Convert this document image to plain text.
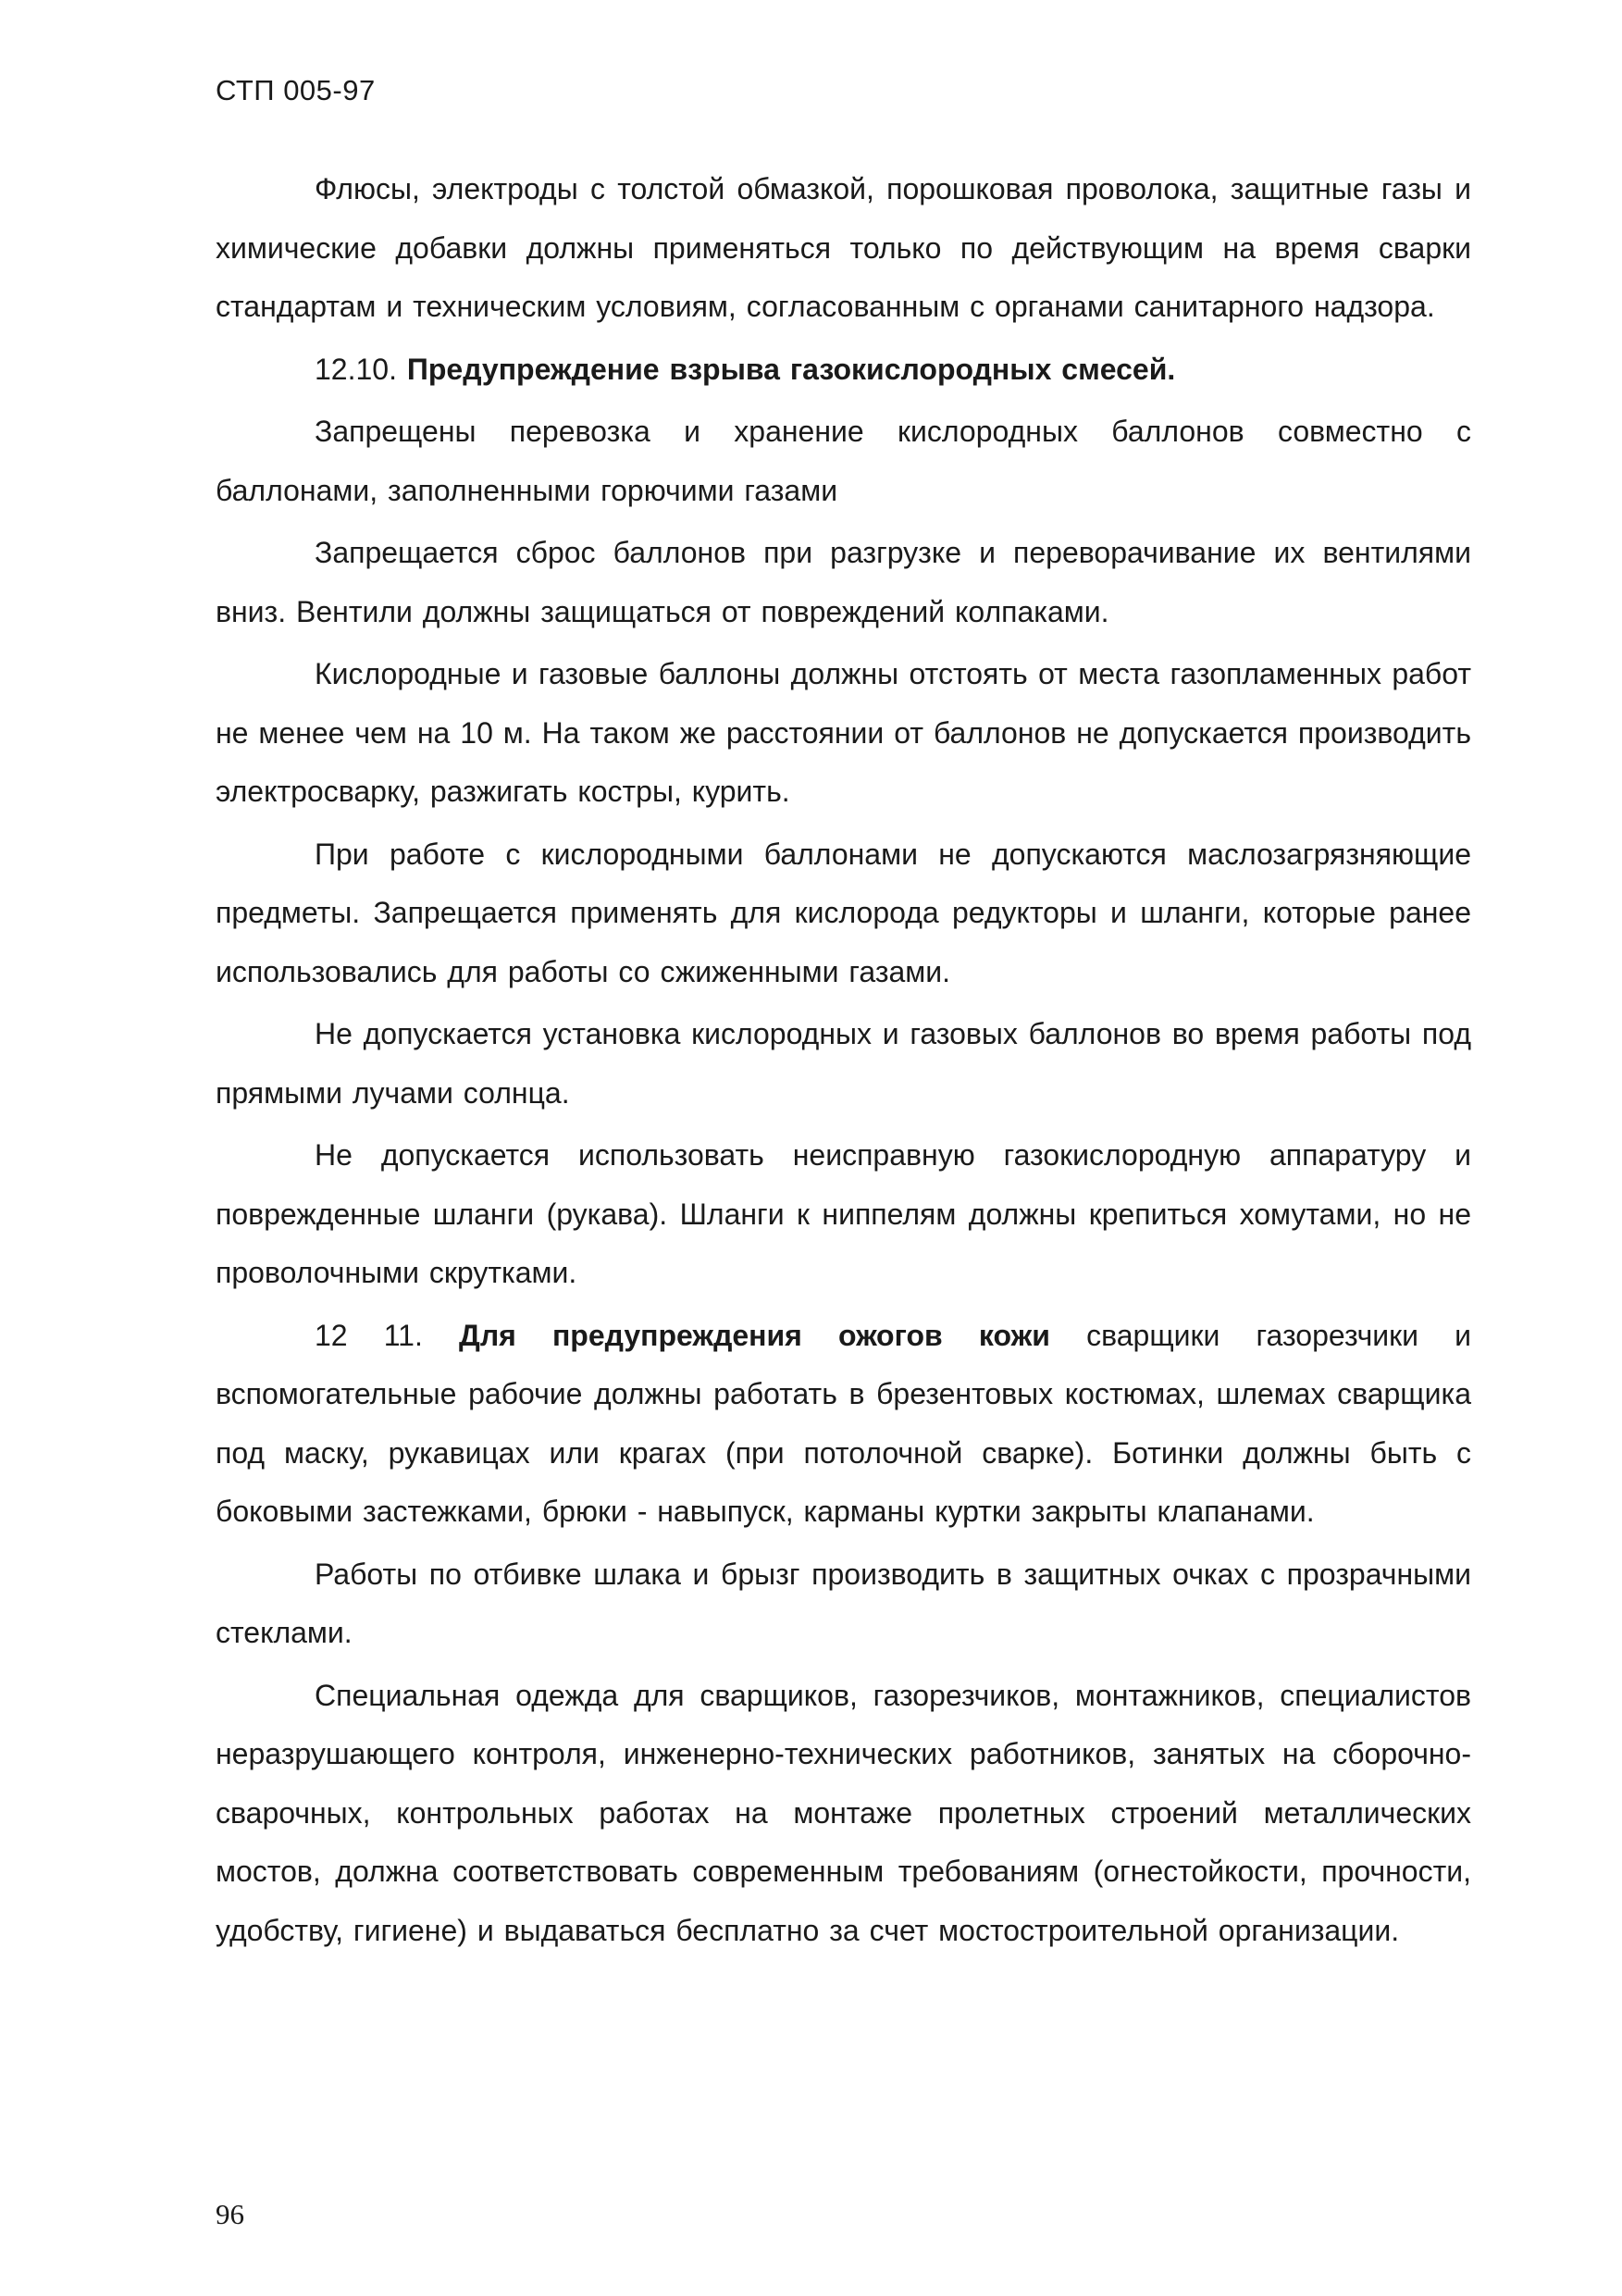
СТП 005-97

Флюсы, электроды с толстой обмазкой, порошковая проволока, защитные газы и химические добавки должны применяться только по действующим на время сварки стандартам и техническим условиям, согласованным с органами санитарного надзора.

12.10. Предупреждение взрыва газокислородных смесей.

Запрещены перевозка и хранение кислородных баллонов совместно с баллонами, заполненными горючими газами

Запрещается сброс баллонов при разгрузке и переворачивание их вентилями вниз. Вентили должны защищаться от повреждений колпаками.

Кислородные и газовые баллоны должны отстоять от места газопламенных работ не менее чем на 10 м. На таком же расстоянии от баллонов не допускается производить электросварку, разжигать костры, курить.

При работе с кислородными баллонами не допускаются маслозагрязняющие предметы. Запрещается применять для кислорода редукторы и шланги, которые ранее использовались для работы со сжиженными газами.

Не допускается установка кислородных и газовых баллонов во время работы под прямыми лучами солнца.

Не допускается использовать неисправную газокислородную аппаратуру и поврежденные шланги (рукава). Шланги к ниппелям должны крепиться хомутами, но не проволочными скрутками.

12 11. Для предупреждения ожогов кожи сварщики газорезчики и вспомогательные рабочие должны работать в брезентовых костюмах, шлемах сварщика под маску, рукавицах или крагах (при потолочной сварке). Ботинки должны быть с боковыми застежками, брюки - навыпуск, карманы куртки закрыты клапанами.

Работы по отбивке шлака и брызг производить в защитных очках с прозрачными стеклами.

Специальная одежда для сварщиков, газорезчиков, монтажников, специалистов неразрушающего контроля, инженерно-технических работников, занятых на сборочно-сварочных, контрольных работах на монтаже пролетных строений металлических мостов, должна соответствовать современным требованиям (огнестойкости, прочности, удобству, гигиене) и выдаваться бесплатно за счет мостостроительной организации.

96
